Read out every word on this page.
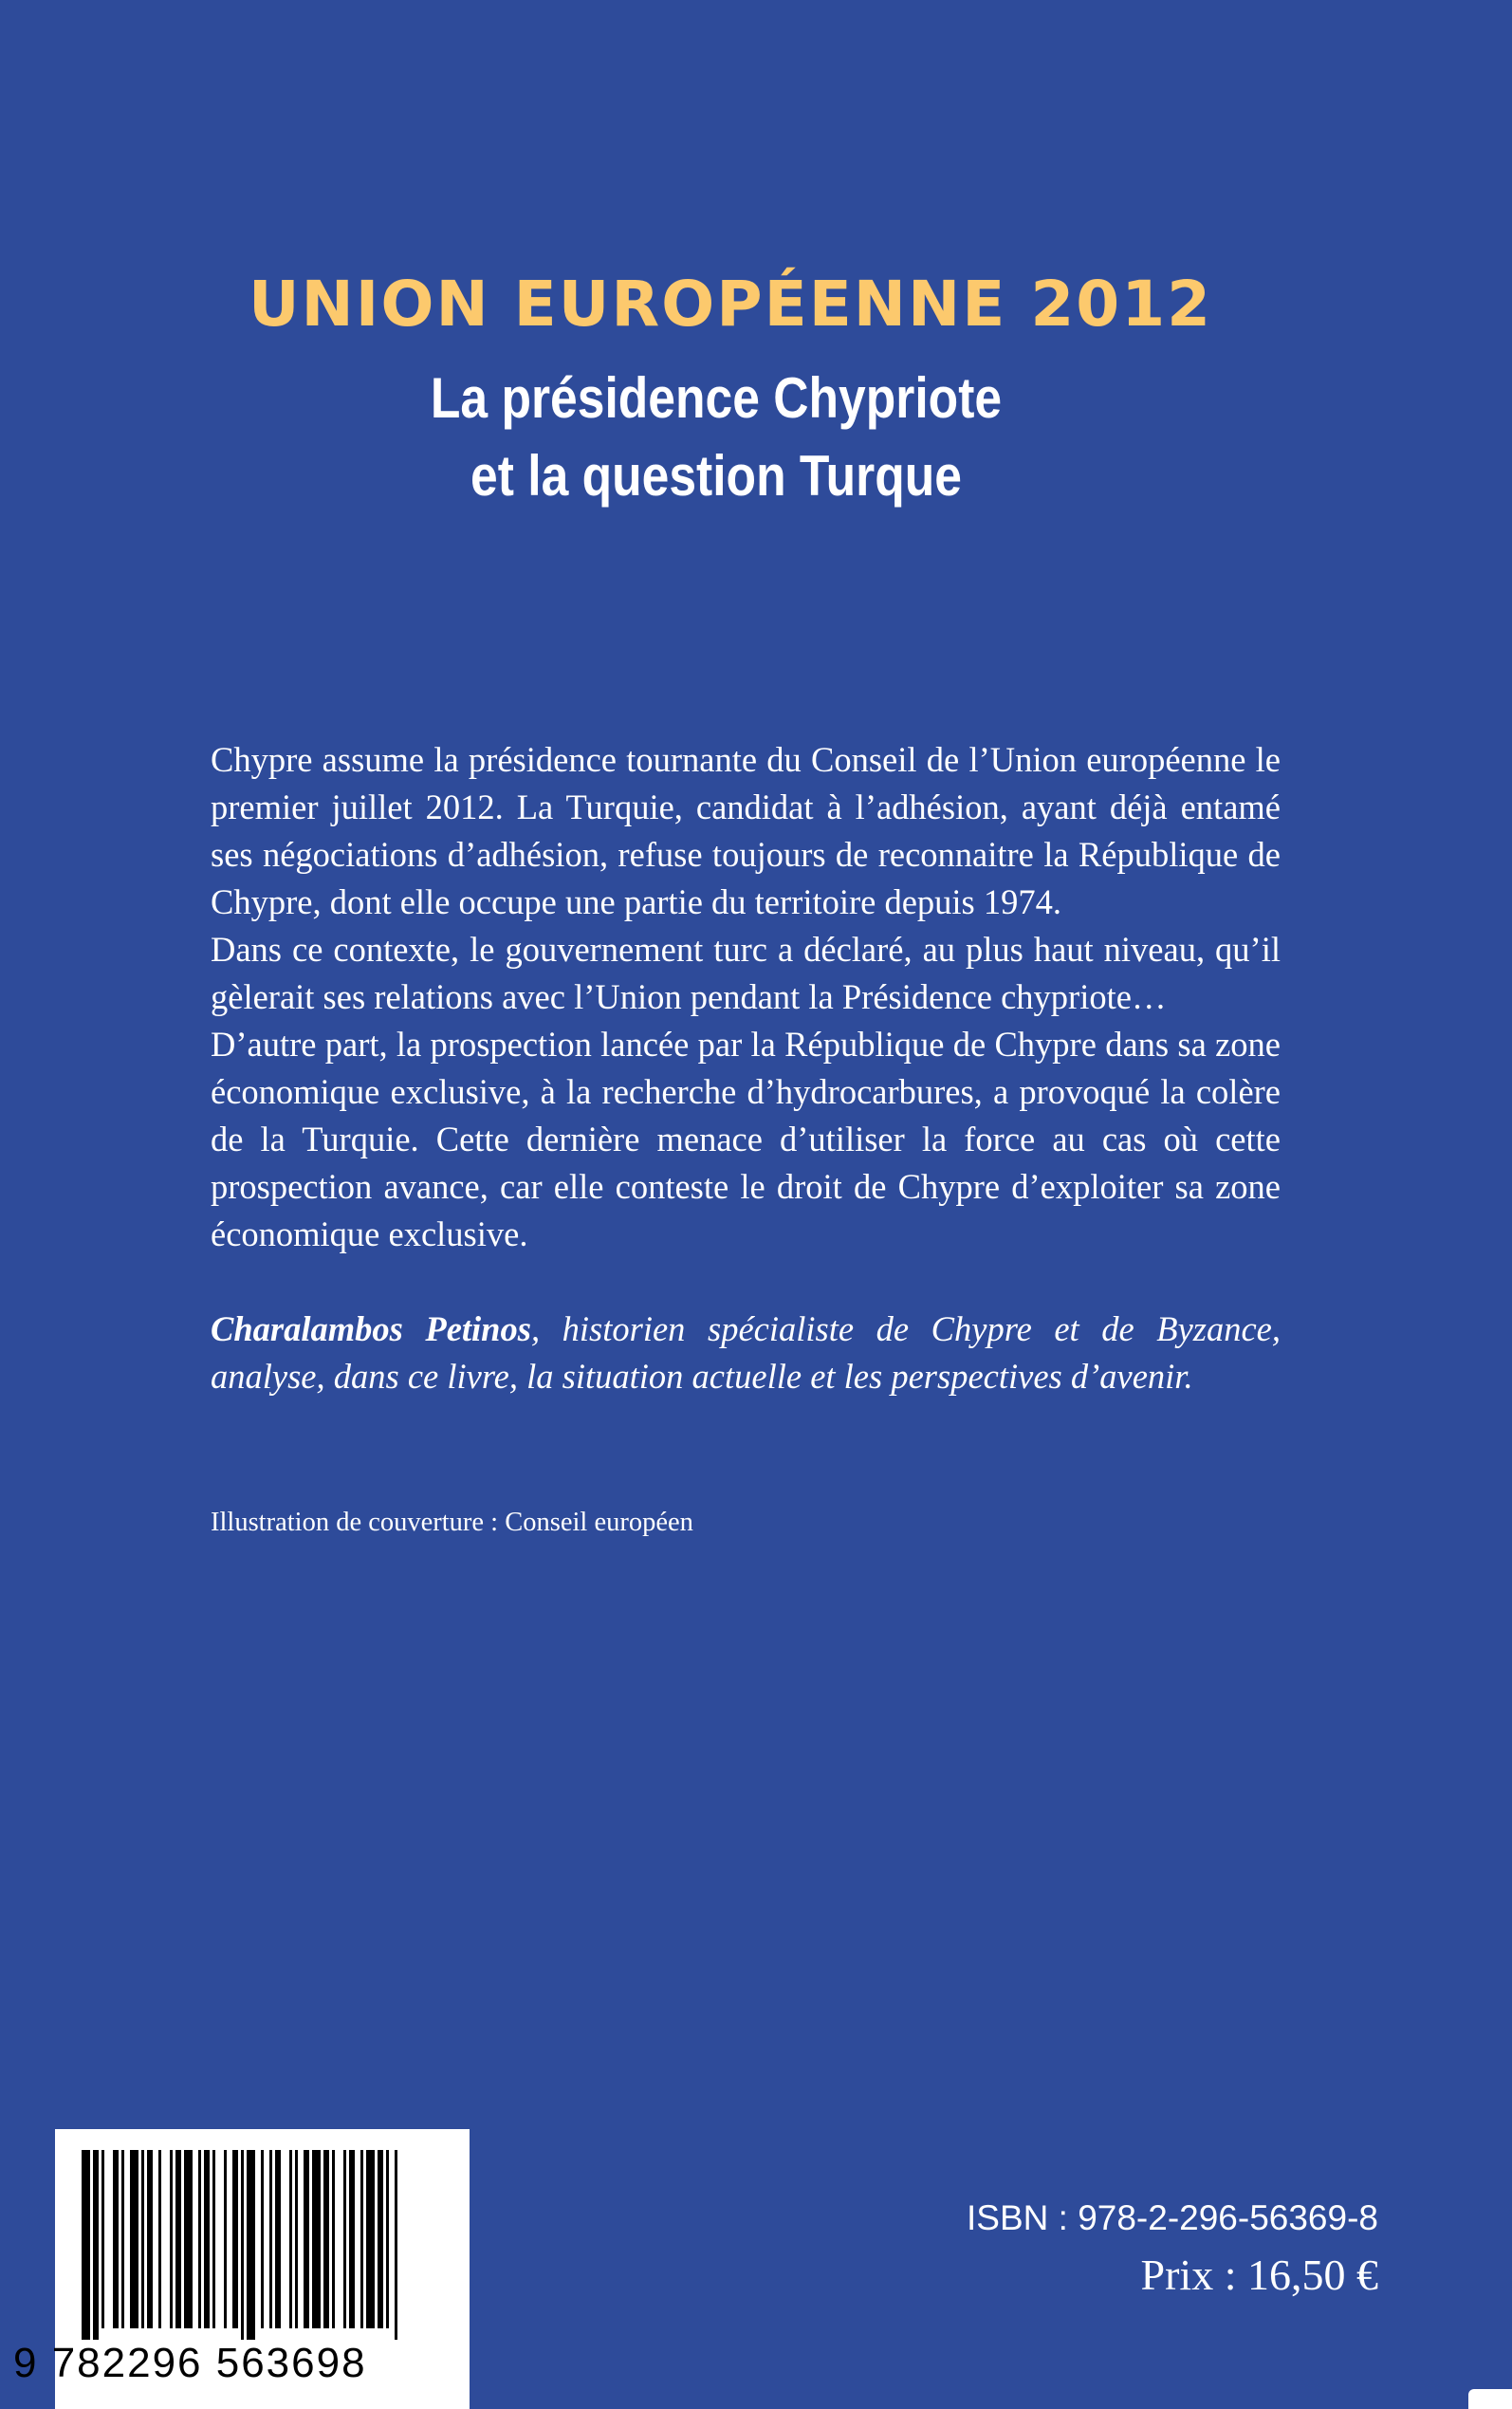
UNION EUROPÉENNE 2012
La présidence Chypriote
et la question Turque

Chypre assume la présidence tournante du Conseil de l’Union européenne le premier juillet 2012. La Turquie, candidat à l’adhésion, ayant déjà entamé ses négociations d’adhésion, refuse toujours de reconnaitre la République de Chypre, dont elle occupe une partie du territoire depuis 1974.

Dans ce contexte, le gouvernement turc a déclaré, au plus haut niveau, qu’il gèlerait ses relations avec l’Union pendant la Présidence chypriote…

D’autre part, la prospection lancée par la République de Chypre dans sa zone économique exclusive, à la recherche d’hydrocarbures, a provoqué la colère de la Turquie. Cette dernière menace d’utiliser la force au cas où cette prospection avance, car elle conteste le droit de Chypre d’exploiter sa zone économique exclusive.

Charalambos Petinos, historien spécialiste de Chypre et de Byzance, analyse, dans ce livre, la situation actuelle et les perspectives d’avenir.

Illustration de couverture : Conseil européen

9 782296 563698

ISBN : 978-2-296-56369-8

Prix : 16,50 €
